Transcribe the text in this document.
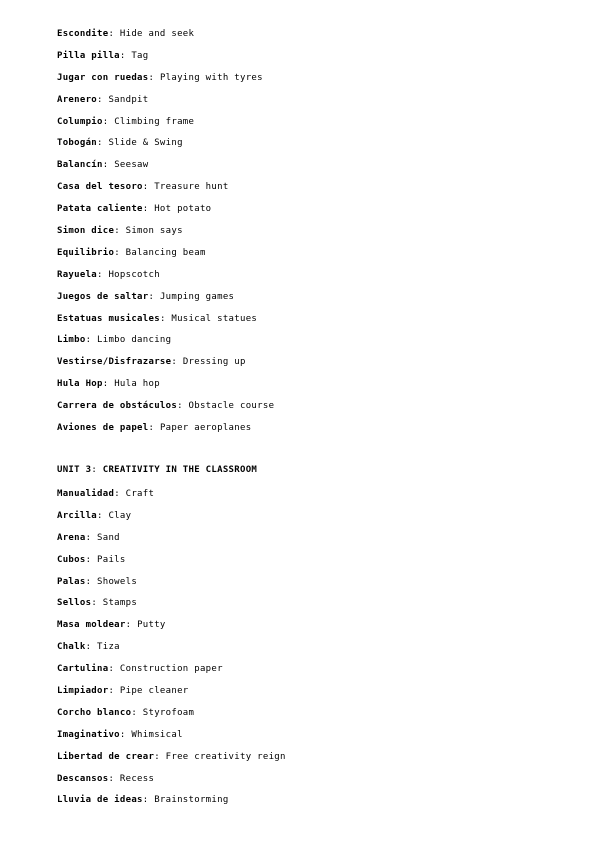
Escondite: Hide and seek
Pilla pilla: Tag
Jugar con ruedas: Playing with tyres
Arenero: Sandpit
Columpio: Climbing frame
Tobogán: Slide & Swing
Balancín: Seesaw
Casa del tesoro: Treasure hunt
Patata caliente: Hot potato
Simon dice: Simon says
Equilibrio: Balancing beam
Rayuela: Hopscotch
Juegos de saltar: Jumping games
Estatuas musicales: Musical statues
Limbo: Limbo dancing
Vestirse/Disfrazarse: Dressing up
Hula Hop: Hula hop
Carrera de obstáculos: Obstacle course
Aviones de papel: Paper aeroplanes
UNIT 3: CREATIVITY IN THE CLASSROOM
Manualidad: Craft
Arcilla: Clay
Arena: Sand
Cubos: Pails
Palas: Showels
Sellos: Stamps
Masa moldear: Putty
Chalk: Tiza
Cartulina: Construction paper
Limpiador: Pipe cleaner
Corcho blanco: Styrofoam
Imaginativo: Whimsical
Libertad de crear: Free creativity reign
Descansos: Recess
Lluvia de ideas: Brainstorming
